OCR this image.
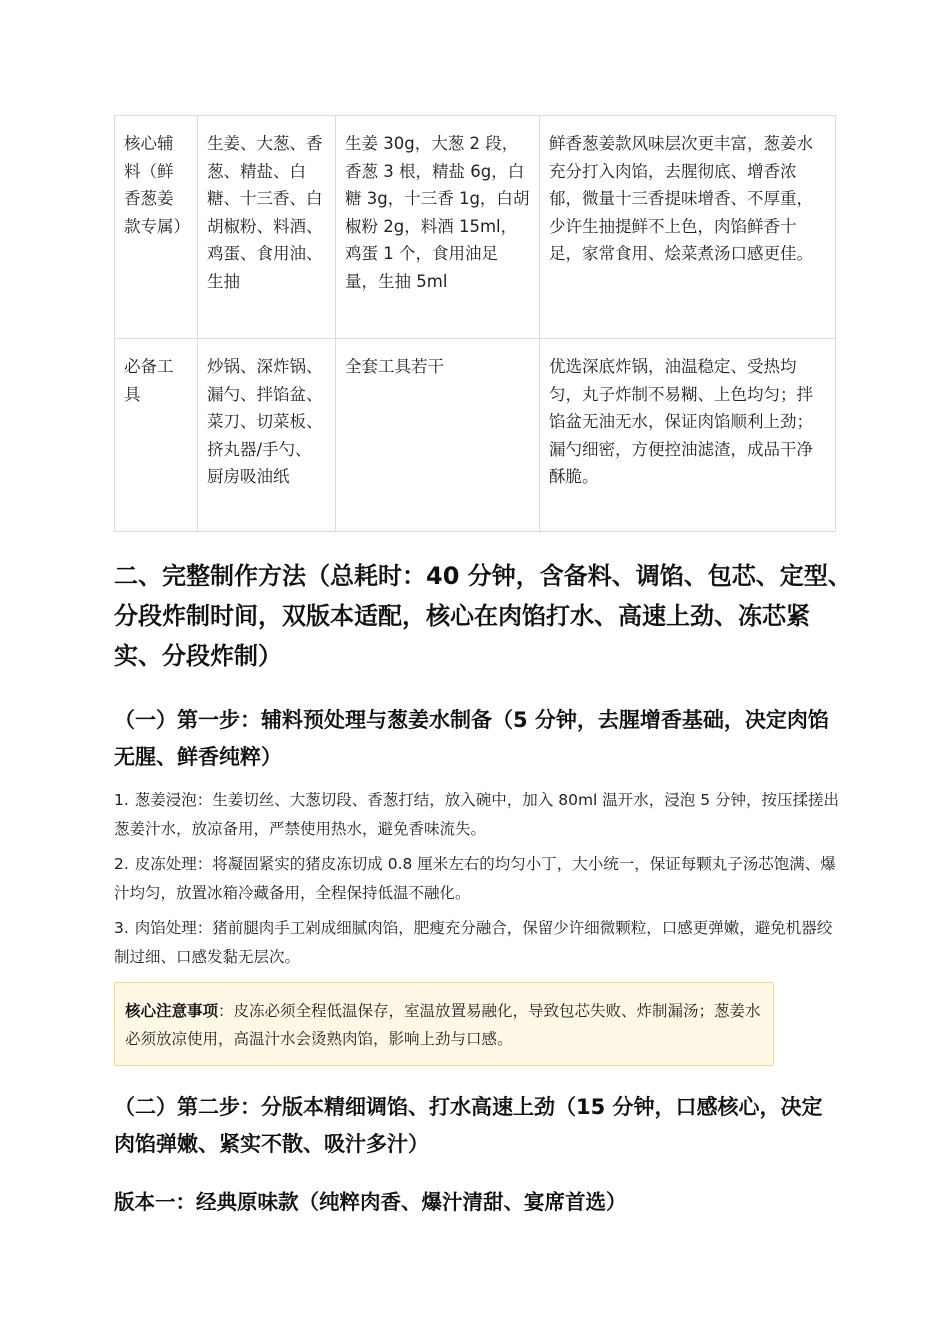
核心辅料（鲜香葱姜款专属）	生姜、大葱、香葱、精盐、白糖、十三香、白胡椒粉、料酒、鸡蛋、食用油、生抽	生姜 30g，大葱 2 段，香葱 3 根，精盐 6g，白糖 3g，十三香 1g，白胡椒粉 2g，料酒 15ml，鸡蛋 1 个，食用油足量，生抽 5ml	鲜香葱姜款风味层次更丰富，葱姜水充分打入肉馅，去腥彻底、增香浓郁，微量十三香提味增香、不厚重，少许生抽提鲜不上色，肉馅鲜香十足，家常食用、烩菜煮汤口感更佳。
必备工具	炒锅、深炸锅、漏勺、拌馅盆、菜刀、切菜板、挤丸器/手勺、厨房吸油纸	全套工具若干	优选深底炸锅，油温稳定、受热均匀，丸子炸制不易糊、上色均匀；拌馅盆无油无水，保证肉馅顺利上劲；漏勺细密，方便控油滤渣，成品干净酥脆。
二、完整制作方法（总耗时：40 分钟，含备料、调馅、包芯、定型、分段炸制时间，双版本适配，核心在肉馅打水、高速上劲、冻芯紧实、分段炸制）
（一）第一步：辅料预处理与葱姜水制备（5 分钟，去腥增香基础，决定肉馅无腥、鲜香纯粹）

1. 葱姜浸泡：生姜切丝、大葱切段、香葱打结，放入碗中，加入 80ml 温开水，浸泡 5 分钟，按压揉搓出葱姜汁水，放凉备用，严禁使用热水，避免香味流失。

2. 皮冻处理：将凝固紧实的猪皮冻切成 0.8 厘米左右的均匀小丁，大小统一，保证每颗丸子汤芯饱满、爆汁均匀，放置冰箱冷藏备用，全程保持低温不融化。

3. 肉馅处理：猪前腿肉手工剁成细腻肉馅，肥瘦充分融合，保留少许细微颗粒，口感更弹嫩，避免机器绞制过细、口感发黏无层次。

核心注意事项：皮冻必须全程低温保存，室温放置易融化，导致包芯失败、炸制漏汤；葱姜水必须放凉使用，高温汁水会烫熟肉馅，影响上劲与口感。
（二）第二步：分版本精细调馅、打水高速上劲（15 分钟，口感核心，决定肉馅弹嫩、紧实不散、吸汁多汁）
版本一：经典原味款（纯粹肉香、爆汁清甜、宴席首选）
